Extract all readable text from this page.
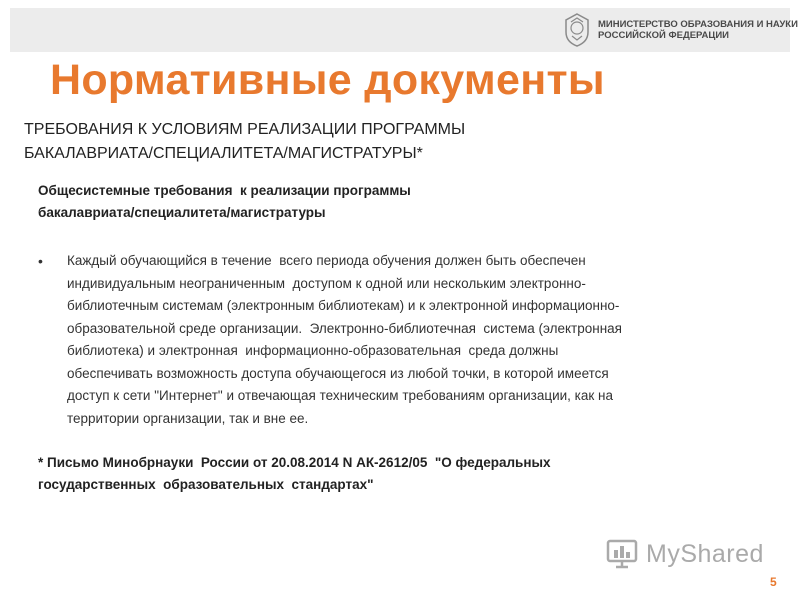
МИНИСТЕРСТВО ОБРАЗОВАНИЯ И НАУКИ
РОССИЙСКОЙ ФЕДЕРАЦИИ
Нормативные документы
ТРЕБОВАНИЯ К УСЛОВИЯМ РЕАЛИЗАЦИИ ПРОГРАММЫ
БАКАЛАВРИАТА/СПЕЦИАЛИТЕТА/МАГИСТРАТУРЫ*
Общесистемные требования  к реализации программы
бакалавриата/специалитета/магистратуры
• Каждый обучающийся в течение  всего периода обучения должен быть обеспечен
индивидуальным неограниченным  доступом к одной или нескольким электронно-
библиотечным системам (электронным библиотекам) и к электронной информационно-
образовательной среде организации.  Электронно-библиотечная  система (электронная
библиотека) и электронная  информационно-образовательная  среда должны
обеспечивать возможность доступа обучающегося из любой точки, в которой имеется
доступ к сети "Интернет" и отвечающая техническим требованиям организации, как на
территории организации, так и вне ее.
* Письмо Минобрнауки  России от 20.08.2014 N АК-2612/05  "О федеральных
государственных  образовательных  стандартах"
MyShared
5
